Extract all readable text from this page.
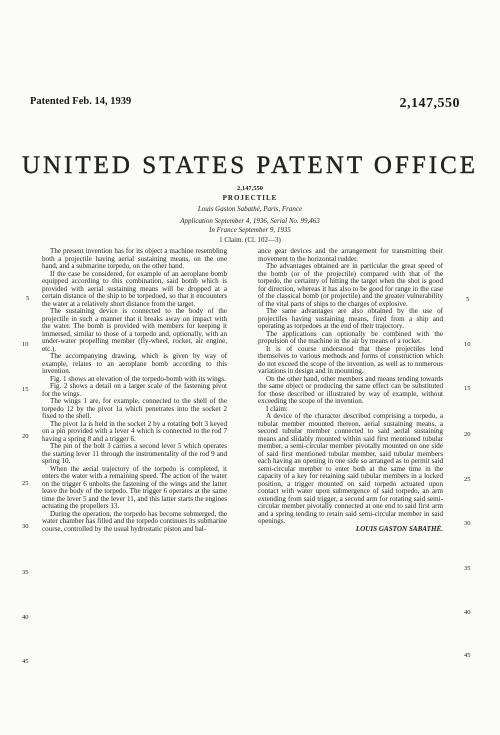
Patented Feb. 14, 1939	2,147,550
UNITED STATES PATENT OFFICE
2,147,550
PROJECTILE
Louis Gaston Sabathé, Paris, France
Application September 4, 1936, Serial No. 99,463
In France September 9, 1935
1 Claim. (Cl. 102—3)
5
10
15
20
25
30
35
40
45
5
10
15
20
25
30
35
40
45

The present invention has for its object a machine resembling both a projectile having aerial sustaining means, on the one hand, and a submarine torpedo, on the other hand.

If the case be considered, for example of an aeroplane bomb equipped according to this combination, said bomb which is provided with aerial sustaining means will be dropped at a certain distance of the ship to be torpedoed, so that it encounters the water at a relatively short distance from the target.

The sustaining device is connected to the body of the projectile in such a manner that it breaks away on impact with the water. The bomb is provided with members for keeping it immersed, similar to those of a torpedo and, optionally, with an under-water propelling member (fly-wheel, rocket, air engine, etc.).

The accompanying drawing, which is given by way of example, relates to an aeroplane bomb according to this invention.

Fig. 1 shows an elevation of the torpedo-bomb with its wings.

Fig. 2 shows a detail on a larger scale of the fastening pivot for the wings.

The wings 1 are, for example, connected to the shell of the torpedo 12 by the pivot 1a which penetrates into the socket 2 fixed to the shell.

The pivot 1a is held in the socket 2 by a rotating bolt 3 keyed on a pin provided with a lever 4 which is connected to the rod 7 having a spring 8 and a trigger 6.

The pin of the bolt 3 carries a second lever 5 which operates the starting lever 11 through the instrumentality of the rod 9 and spring 10.

When the aerial trajectory of the torpedo is completed, it enters the water with a remaining speed. The action of the water on the trigger 6 unbolts the fastening of the wings and the latter leave the body of the torpedo. The trigger 6 operates at the same time the lever 5 and the lever 11, and this latter starts the engines actuating the propellers 13.

During the operation, the torpedo has become submerged, the water chamber has filled and the torpedo continues its submarine course, controlled by the usual hydrostatic piston and bal-

ance gear devices and the arrangement for transmitting their movement to the horizontal rudder.

The advantages obtained are in particular the great speed of the bomb (or of the projectile) compared with that of the torpedo, the certainty of hitting the target when the shot is good for direction, whereas it has also to be good for range in the case of the classical bomb (or projectile) and the greater vulnerability of the vital parts of ships to the charges of explosive.

The same advantages are also obtained by the use of projectiles having sustaining means, fired from a ship and operating as torpedoes at the end of their trajectory.

The applications can optionally be combined with the propulsion of the machine in the air by means of a rocket.

It is of course understood that these projectiles lend themselves to various methods and forms of construction which do not exceed the scope of the invention, as well as to numerous variations in design and in mounting.

On the other hand, other members and means tending towards the same object or producing the same effect can be substituted for those described or illustrated by way of example, without exceeding the scope of the invention.

I claim:

A device of the character described comprising a torpedo, a tubular member mounted thereon, aerial sustaining means, a second tubular member connected to said aerial sustaining means and slidably mounted within said first mentioned tubular member, a semi-circular member pivotally mounted on one side of said first mentioned tubular member, said tubular members each having an opening in one side so arranged as to permit said semi-circular member to enter both at the same time in the capacity of a key for retaining said tubular members in a locked position, a trigger mounted on said torpedo actuated upon contact with water upon submergence of said torpedo, an arm extending from said trigger, a second arm for rotating said semi-circular member pivotally connected at one end to said first arm and a spring tending to retain said semi-circular member in said openings.

LOUIS GASTON SABATHÉ.
